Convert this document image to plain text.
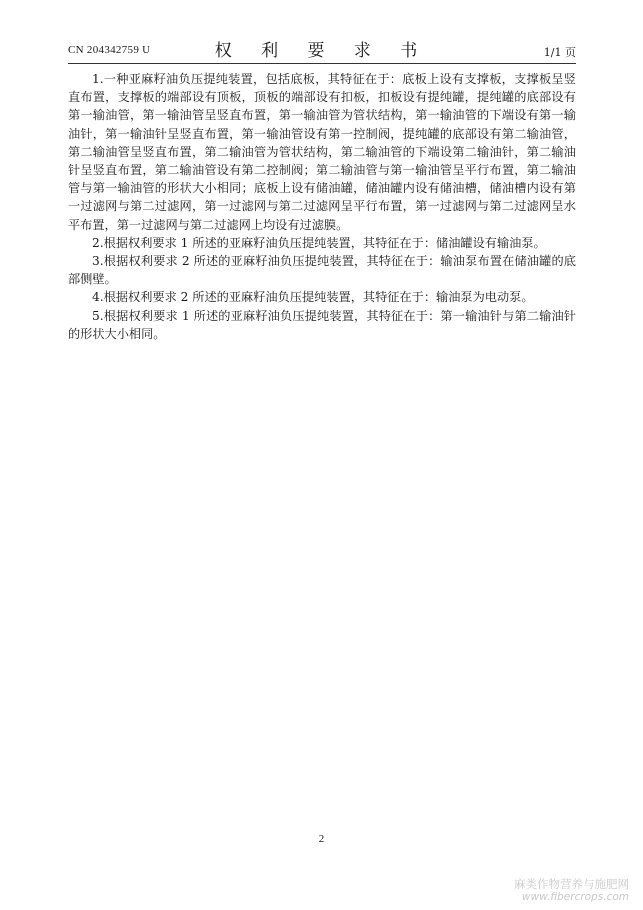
CN 204342759 U	权 利 要 求 书	1/1 页

1.一种亚麻籽油负压提纯装置，包括底板，其特征在于：底板上设有支撑板，支撑板呈竖直布置，支撑板的端部设有顶板，顶板的端部设有扣板，扣板设有提纯罐，提纯罐的底部设有第一输油管，第一输油管呈竖直布置，第一输油管为管状结构，第一输油管的下端设有第一输油针，第一输油针呈竖直布置，第一输油管设有第一控制阀，提纯罐的底部设有第二输油管，第二输油管呈竖直布置，第二输油管为管状结构，第二输油管的下端设第二输油针，第二输油针呈竖直布置，第二输油管设有第二控制阀；第二输油管与第一输油管呈平行布置，第二输油管与第一输油管的形状大小相同；底板上设有储油罐，储油罐内设有储油槽，储油槽内设有第一过滤网与第二过滤网，第一过滤网与第二过滤网呈平行布置，第一过滤网与第二过滤网呈水平布置，第一过滤网与第二过滤网上均设有过滤膜。

2.根据权利要求 1 所述的亚麻籽油负压提纯装置，其特征在于：储油罐设有输油泵。

3.根据权利要求 2 所述的亚麻籽油负压提纯装置，其特征在于：输油泵布置在储油罐的底部侧壁。

4.根据权利要求 2 所述的亚麻籽油负压提纯装置，其特征在于：输油泵为电动泵。

5.根据权利要求 1 所述的亚麻籽油负压提纯装置，其特征在于：第一输油针与第二输油针的形状大小相同。

2
麻类作物营养与施肥网
www.fibercrops.com
